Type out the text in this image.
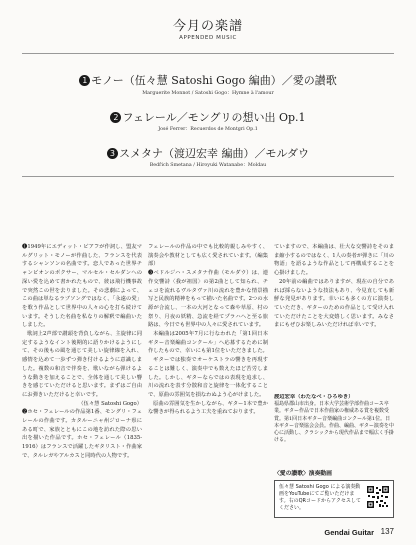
今月の楽譜
APPENDED MUSIC
1 モノー（伍々慧 Satoshi Gogo 編曲）／愛の讃歌
Marguerite Monnot / Satoshi Gogo：Hymne à l'amour
2 フェレール／モングリの想い出 Op.1
José Ferrer：Recuerdos de Montgri Op.1
3 スメタナ（渡辺宏幸 編曲）／モルダウ
Bedřich Smetana / Hiroyuki Watanabe：Moldau

❶1949年にエディット・ピアフが作詞し、盟友マルグリット・モノーが作曲した、フランスを代表するシャンソンの名曲です。恋人であった世界チャンピオンのボクサー、マルセル・セルダンへの深い愛を込めて書かれたもので、彼は飛行機事故で突然この世を去りました。その悲劇によって、この曲は単なるラブソングではなく、「永遠の愛」を歌う作品として世界中の人々の心を打ち続けています。そうした名曲を私なりの解釈で編曲いたしました。

歌詞上2声部で讃頭を背負しながら、主旋律に同定するようなイント後期的に語りかけるようにして、その後もの風を通じて美しい旋律線を入れ、感情を込めて一歩ずつ弾き付けるように意識しました。複数の和音で伴奏を、歌いながら弾けるような動きを加えることで、全体を通して美しい響きを感じていただけると思います。まずはご自由にお弾きいただけると幸いです。

（伍々慧 Satoshi Gogo）

❷ホセ・フェレールの作品第1番、モングリ・フェレールの作曲です。カタルーニャ州ジローナ県にある町で、家族とともにこの地を訪れた際の思い出を描いた作品です。ホセ・フェレール（1835-1916）はフランスで活躍したギタリスト・作曲家で、タルレガやアルカスと同時代の人物です。

フェレールの作品の中でも比較的親しみやすく、演奏会や教材としても広く愛されています。（編集部）

❸ベドルジハ・スメタナ作曲（モルダウ）は、連作交響詩〈我が祖国〉の第2曲として知られ、チェコを流れるヴルタヴァ川の流れを豊かな情景描写と民族的精神をもって描いた名曲です。2つの水源が合流し、一本の大河となって森や草原、村の祭り、月夜の妖精、急流を経てプラハへと至る旅路は、今日でも世界中の人々に愛されています。

本編曲は2005年7月に行なわれた「第1回日本ギター音楽編曲コンクール」へ応募するために制作したもので、幸いにも第1位をいただきました。

ギターでは独奏でオーケストラの響きを再現することは難しく、演奏中でも数えたほど苦労しました。しかし、ギターならではの表現を追求し、川の流れを表す分散和音と旋律を一体化することで、原曲の雰囲気を損なわぬよう心がけました。

原曲の雰囲気を生かしながら、ギター1本で豊かな響きが得られるよう工夫を重ねております。

ていますので、本編曲は、壮大な交響詩をそのまま縮小するのではなく、1人の奏者が弾きに「川の物語」を語るような作品として再構成することを心掛けました。

20年前の編曲ではありますが、現在の自分であれば採らないような技法もあり、今見直しても新鮮な発見があります。幸いにも多くの方に演奏していただき、ギターのための作品として受け入れていただけたことを大変嬉しく思います。みなさまにもぜひお楽しみいただければ幸いです。

渡辺宏幸（わたなべ・ひろゆき）
福島県郡山市出身。日本大学芸術学部作曲コース卒業。ギター作品で日本作曲家の権威ある賞を複数受賞。第1回日本ギター音楽編曲コンクール第1位。日本ギター音楽協会会員。作曲、編曲、ギター演奏を中心に活動し、クラシックから現代作品まで幅広く手掛ける。
〈愛の讃歌〉演奏動画
伍々慧 Satoshi Gogo による演奏動画をYouTubeにてご覧いただけます。右のQRコードからアクセスしてください。
Gendai Guitar 137
